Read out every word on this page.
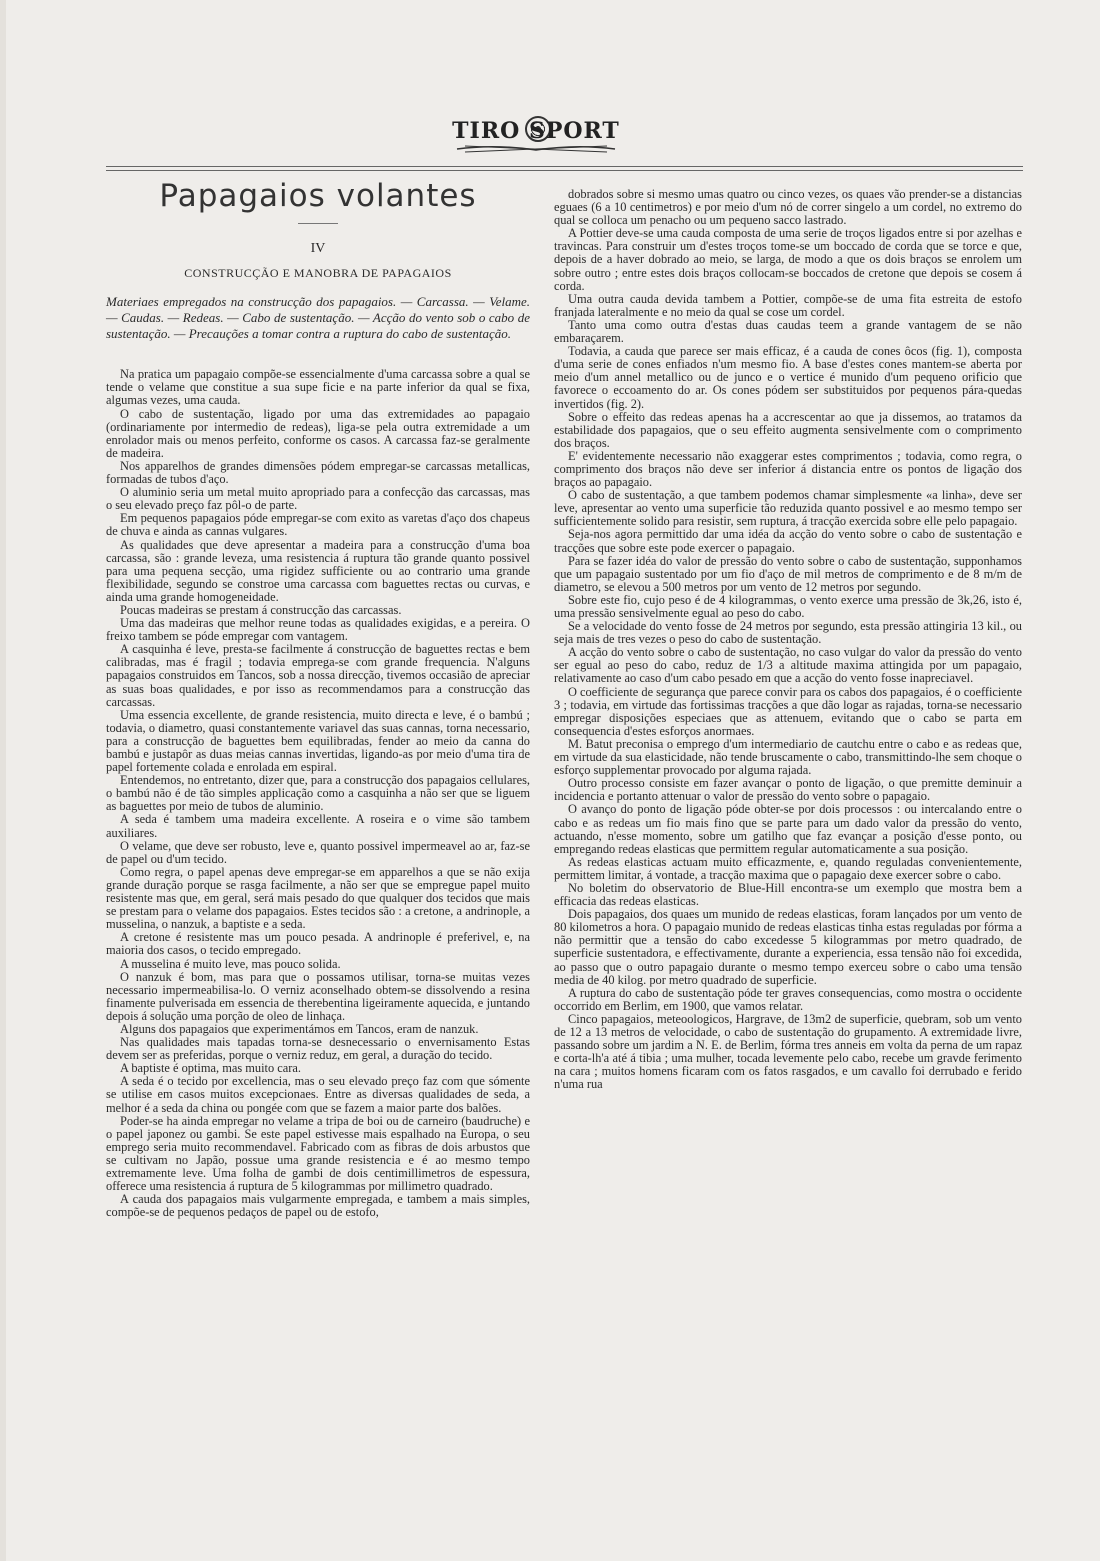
TIRO SPORT
Papagaios volantes
IV
CONSTRUCÇÃO E MANOBRA DE PAPAGAIOS
Materiaes empregados na construcção dos papagaios. — Carcassa. — Velame. — Caudas. — Redeas. — Cabo de sustentação. — Acção do vento sob o cabo de sustentação. — Precauções a tomar contra a ruptura do cabo de sustentação.

Na pratica um papagaio compõe-se essencialmente d'uma carcassa sobre a qual se tende o velame que constitue a sua supe ficie e na parte inferior da qual se fixa, algumas vezes, uma cauda.

O cabo de sustentação, ligado por uma das extremidades ao papagaio (ordinariamente por intermedio de redeas), liga-se pela outra extremidade a um enrolador mais ou menos perfeito, conforme os casos. A carcassa faz-se geralmente de madeira.

Nos apparelhos de grandes dimensões pódem empregar-se carcassas metallicas, formadas de tubos d'aço.

O aluminio seria um metal muito apropriado para a confecção das carcassas, mas o seu elevado preço faz pôl-o de parte.

Em pequenos papagaios póde empregar-se com exito as varetas d'aço dos chapeus de chuva e ainda as cannas vulgares.

As qualidades que deve apresentar a madeira para a construcção d'uma boa carcassa, são : grande leveza, uma resistencia á ruptura tão grande quanto possivel para uma pequena secção, uma rigidez sufficiente ou ao contrario uma grande flexibilidade, segundo se constroe uma carcassa com baguettes rectas ou curvas, e ainda uma grande homogeneidade.

Poucas madeiras se prestam á construcção das carcassas.

Uma das madeiras que melhor reune todas as qualidades exigidas, e a pereira. O freixo tambem se póde empregar com vantagem.

A casquinha é leve, presta-se facilmente á construcção de baguettes rectas e bem calibradas, mas é fragil ; todavia emprega-se com grande frequencia. N'alguns papagaios construidos em Tancos, sob a nossa direcção, tivemos occasião de apreciar as suas boas qualidades, e por isso as recommendamos para a construcção das carcassas.

Uma essencia excellente, de grande resistencia, muito directa e leve, é o bambú ; todavia, o diametro, quasi constantemente variavel das suas cannas, torna necessario, para a construcção de baguettes bem equilibradas, fender ao meio da canna do bambú e justapôr as duas meias cannas invertidas, ligando-as por meio d'uma tira de papel fortemente colada e enrolada em espiral.

Entendemos, no entretanto, dizer que, para a construcção dos papagaios cellulares, o bambú não é de tão simples applicação como a casquinha a não ser que se liguem as baguettes por meio de tubos de aluminio.

A seda é tambem uma madeira excellente. A roseira e o vime são tambem auxiliares.

O velame, que deve ser robusto, leve e, quanto possivel impermeavel ao ar, faz-se de papel ou d'um tecido.

Como regra, o papel apenas deve empregar-se em apparelhos a que se não exija grande duração porque se rasga facilmente, a não ser que se empregue papel muito resistente mas que, em geral, será mais pesado do que qualquer dos tecidos que mais se prestam para o velame dos papagaios. Estes tecidos são : a cretone, a andrinople, a musselina, o nanzuk, a baptiste e a seda.

A cretone é resistente mas um pouco pesada. A andrinople é preferivel, e, na maioria dos casos, o tecido empregado.

A musselina é muito leve, mas pouco solida.

O nanzuk é bom, mas para que o possamos utilisar, torna-se muitas vezes necessario impermeabilisa-lo. O verniz aconselhado obtem-se dissolvendo a resina finamente pulverisada em essencia de therebentina ligeiramente aquecida, e juntando depois á solução uma porção de oleo de linhaça.

Alguns dos papagaios que experimentámos em Tancos, eram de nanzuk.

Nas qualidades mais tapadas torna-se desnecessario o envernisamento Estas devem ser as preferidas, porque o verniz reduz, em geral, a duração do tecido.

A baptiste é optima, mas muito cara.

A seda é o tecido por excellencia, mas o seu elevado preço faz com que sómente se utilise em casos muitos excepcionaes. Entre as diversas qualidades de seda, a melhor é a seda da china ou pongée com que se fazem a maior parte dos balões.

Poder-se ha ainda empregar no velame a tripa de boi ou de carneiro (baudruche) e o papel japonez ou gambi. Se este papel estivesse mais espalhado na Europa, o seu emprego seria muito recommendavel. Fabricado com as fibras de dois arbustos que se cultivam no Japão, possue uma grande resistencia e é ao mesmo tempo extremamente leve. Uma folha de gambi de dois centimillimetros de espessura, offerece uma resistencia á ruptura de 5 kilogrammas por millimetro quadrado.

A cauda dos papagaios mais vulgarmente empregada, e tambem a mais simples, compõe-se de pequenos pedaços de papel ou de estofo,

dobrados sobre si mesmo umas quatro ou cinco vezes, os quaes vão prender-se a distancias eguaes (6 a 10 centimetros) e por meio d'um nó de correr singelo a um cordel, no extremo do qual se colloca um penacho ou um pequeno sacco lastrado.

A Pottier deve-se uma cauda composta de uma serie de troços ligados entre si por azelhas e travincas. Para construir um d'estes troços tome-se um boccado de corda que se torce e que, depois de a haver dobrado ao meio, se larga, de modo a que os dois braços se enrolem um sobre outro ; entre estes dois braços collocam-se boccados de cretone que depois se cosem á corda.

Uma outra cauda devida tambem a Pottier, compõe-se de uma fita estreita de estofo franjada lateralmente e no meio da qual se cose um cordel.

Tanto uma como outra d'estas duas caudas teem a grande vantagem de se não embaraçarem.

Todavia, a cauda que parece ser mais efficaz, é a cauda de cones ôcos (fig. 1), composta d'uma serie de cones enfiados n'um mesmo fio. A base d'estes cones mantem-se aberta por meio d'um annel metallico ou de junco e o vertice é munido d'um pequeno orificio que favorece o eccoamento do ar. Os cones pódem ser substituidos por pequenos pára-quedas invertidos (fig. 2).

Sobre o effeito das redeas apenas ha a accrescentar ao que ja dissemos, ao tratamos da estabilidade dos papagaios, que o seu effeito augmenta sensivelmente com o comprimento dos braços.

E' evidentemente necessario não exaggerar estes comprimentos ; todavia, como regra, o comprimento dos braços não deve ser inferior á distancia entre os pontos de ligação dos braços ao papagaio.

O cabo de sustentação, a que tambem podemos chamar simplesmente «a linha», deve ser leve, apresentar ao vento uma superficie tão reduzida quanto possivel e ao mesmo tempo ser sufficientemente solido para resistir, sem ruptura, á tracção exercida sobre elle pelo papagaio.

Seja-nos agora permittido dar uma idéa da acção do vento sobre o cabo de sustentação e tracções que sobre este pode exercer o papagaio.

Para se fazer idéa do valor de pressão do vento sobre o cabo de sustentação, supponhamos que um papagaio sustentado por um fio d'aço de mil metros de comprimento e de 8 m/m de diametro, se elevou a 500 metros por um vento de 12 metros por segundo.

Sobre este fio, cujo peso é de 4 kilogrammas, o vento exerce uma pressão de 3k,26, isto é, uma pressão sensivelmente egual ao peso do cabo.

Se a velocidade do vento fosse de 24 metros por segundo, esta pressão attingiria 13 kil., ou seja mais de tres vezes o peso do cabo de sustentação.

A acção do vento sobre o cabo de sustentação, no caso vulgar do valor da pressão do vento ser egual ao peso do cabo, reduz de 1/3 a altitude maxima attingida por um papagaio, relativamente ao caso d'um cabo pesado em que a acção do vento fosse inapreciavel.

O coefficiente de segurança que parece convir para os cabos dos papagaios, é o coefficiente 3 ; todavia, em virtude das fortissimas tracções a que dão logar as rajadas, torna-se necessario empregar disposições especiaes que as attenuem, evitando que o cabo se parta em consequencia d'estes esforços anormaes.

M. Batut preconisa o emprego d'um intermediario de cautchu entre o cabo e as redeas que, em virtude da sua elasticidade, não tende bruscamente o cabo, transmittindo-lhe sem choque o esforço supplementar provocado por alguma rajada.

Outro processo consiste em fazer avançar o ponto de ligação, o que premitte deminuir a incidencia e portanto attenuar o valor de pressão do vento sobre o papagaio.

O avanço do ponto de ligação póde obter-se por dois processos : ou intercalando entre o cabo e as redeas um fio mais fino que se parte para um dado valor da pressão do vento, actuando, n'esse momento, sobre um gatilho que faz evançar a posição d'esse ponto, ou empregando redeas elasticas que permittem regular automaticamente a sua posição.

As redeas elasticas actuam muito efficazmente, e, quando reguladas convenientemente, permittem limitar, á vontade, a tracção maxima que o papagaio dexe exercer sobre o cabo.

No boletim do observatorio de Blue-Hill encontra-se um exemplo que mostra bem a efficacia das redeas elasticas.

Dois papagaios, dos quaes um munido de redeas elasticas, foram lançados por um vento de 80 kilometros a hora. O papagaio munido de redeas elasticas tinha estas reguladas por fórma a não permittir que a tensão do cabo excedesse 5 kilogrammas por metro quadrado, de superficie sustentadora, e effectivamente, durante a experiencia, essa tensão não foi excedida, ao passo que o outro papagaio durante o mesmo tempo exerceu sobre o cabo uma tensão media de 40 kilog. por metro quadrado de superficie.

A ruptura do cabo de sustentação póde ter graves consequencias, como mostra o occidente occorrido em Berlim, em 1900, que vamos relatar.

Cinco papagaios, meteoologicos, Hargrave, de 13m2 de superficie, quebram, sob um vento de 12 a 13 metros de velocidade, o cabo de sustentação do grupamento. A extremidade livre, passando sobre um jardim a N. E. de Berlim, fórma tres anneis em volta da perna de um rapaz e corta-lh'a até á tibia ; uma mulher, tocada levemente pelo cabo, recebe um gravde ferimento na cara ; muitos homens ficaram com os fatos rasgados, e um cavallo foi derrubado e ferido n'uma rua
